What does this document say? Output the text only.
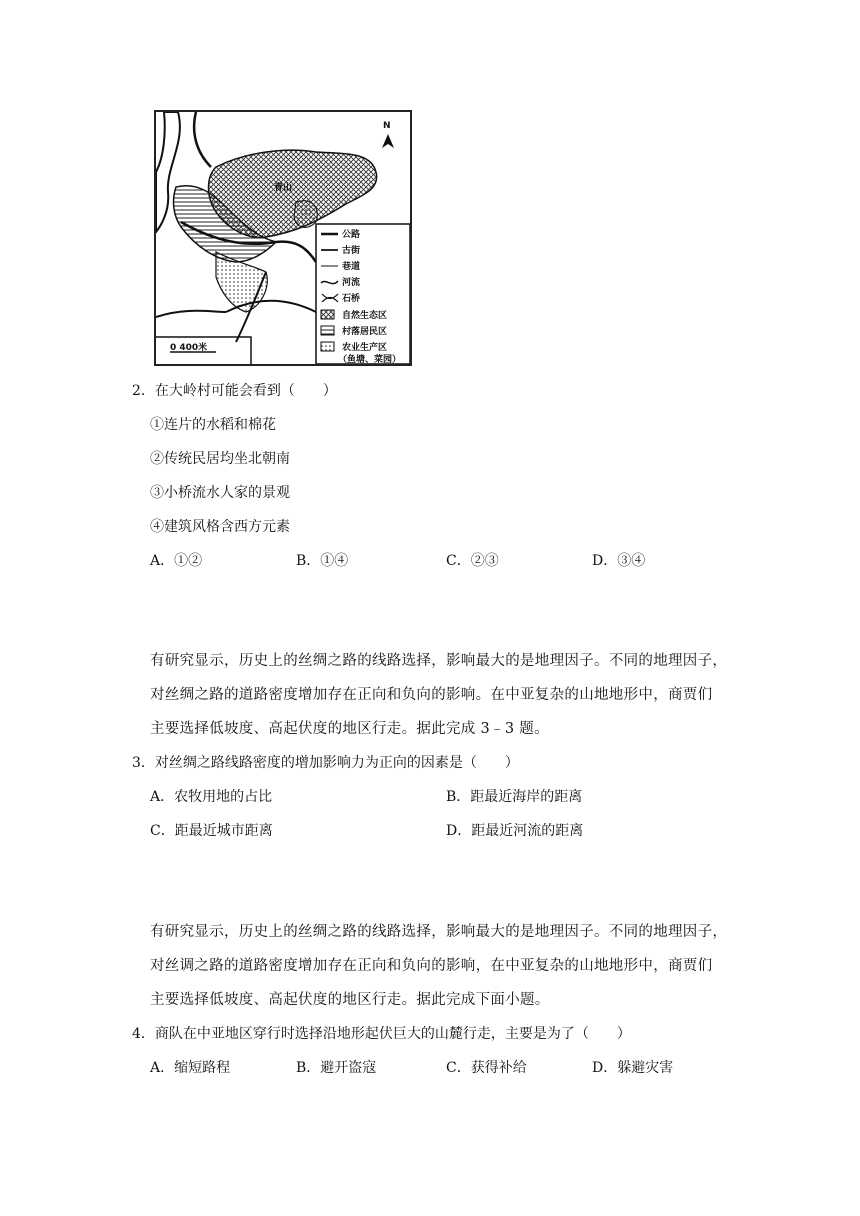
0 400米
N
青山
公路
古街
巷道
河流
石桥
自然生态区
村落居民区
农业生产区
（鱼塘、菜园）
2．在大岭村可能会看到（　　）
①连片的水稻和棉花
②传统民居均坐北朝南
③小桥流水人家的景观
④建筑风格含西方元素
A．①②	B．①④	C．②③	D．③④
有研究显示，历史上的丝绸之路的线路选择，影响最大的是地理因子。不同的地理因子，
对丝绸之路的道路密度增加存在正向和负向的影响。在中亚复杂的山地地形中，商贾们
主要选择低坡度、高起伏度的地区行走。据此完成 3﹣3 题。
3．对丝绸之路线路密度的增加影响力为正向的因素是（　　）
A．农牧用地的占比	B．距最近海岸的距离
C．距最近城市距离	D．距最近河流的距离
有研究显示，历史上的丝绸之路的线路选择，影响最大的是地理因子。不同的地理因子，
对丝调之路的道路密度增加存在正向和负向的影响，在中亚复杂的山地地形中，商贾们
主要选择低坡度、高起伏度的地区行走。据此完成下面小题。
4．商队在中亚地区穿行时选择沿地形起伏巨大的山麓行走，主要是为了（　　）
A．缩短路程	B．避开盗寇	C．获得补给	D．躲避灾害
